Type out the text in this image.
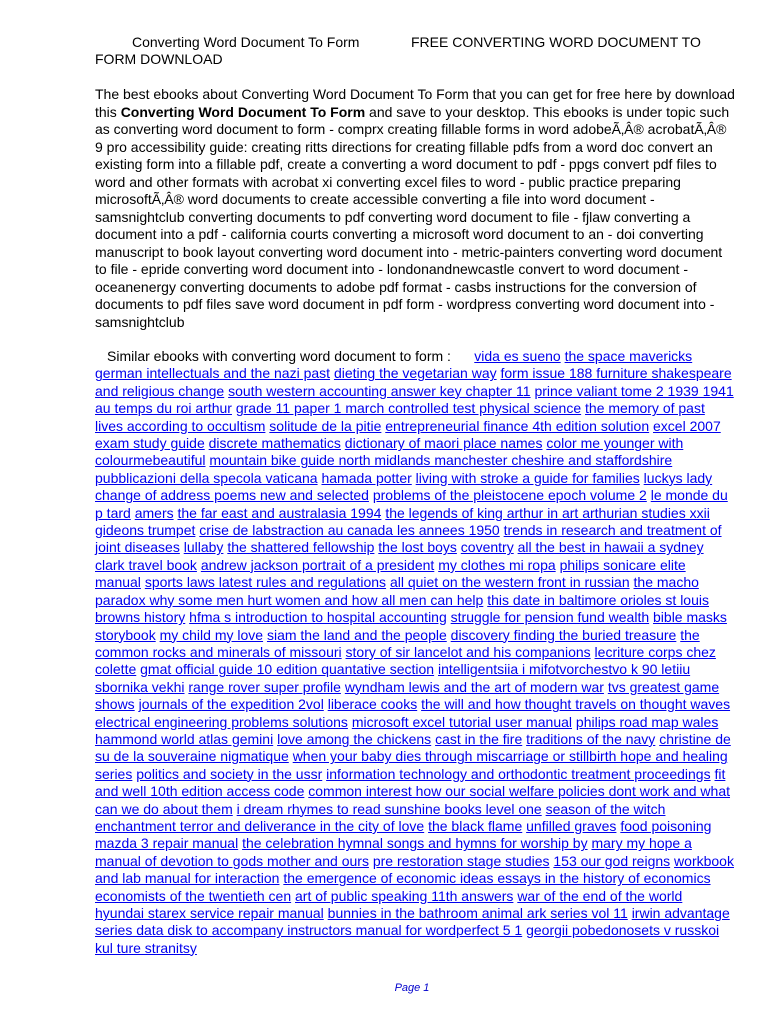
Converting Word Document To Form	FREE CONVERTING WORD DOCUMENT TO
FORM DOWNLOAD
The best ebooks about Converting Word Document To Form that you can get for free here by download this Converting Word Document To Form and save to your desktop. This ebooks is under topic such as converting word document to form - comprx creating fillable forms in word adobeÃ‚Â® acrobatÃ‚Â® 9 pro accessibility guide: creating ritts directions for creating fillable pdfs from a word doc convert an existing form into a fillable pdf, create a converting a word document to pdf - ppgs convert pdf files to word and other formats with acrobat xi converting excel files to word - public practice preparing microsoftÃ‚Â® word documents to create accessible converting a file into word document - samsnightclub converting documents to pdf converting word document to file - fjlaw converting a document into a pdf - california courts converting a microsoft word document to an - doi converting manuscript to book layout converting word document into - metric-painters converting word document to file - epride converting word document into - londonandnewcastle convert to word document - oceanenergy converting documents to adobe pdf format - casbs instructions for the conversion of documents to pdf files save word document in pdf form - wordpress converting word document into - samsnightclub
Similar ebooks with converting word document to form : vida es sueno the space mavericks german intellectuals and the nazi past dieting the vegetarian way form issue 188 furniture shakespeare and religious change south western accounting answer key chapter 11 prince valiant tome 2 1939 1941 au temps du roi arthur grade 11 paper 1 march controlled test physical science the memory of past lives according to occultism solitude de la pitie entrepreneurial finance 4th edition solution excel 2007 exam study guide discrete mathematics dictionary of maori place names color me younger with colourmebeautiful mountain bike guide north midlands manchester cheshire and staffordshire pubblicazioni della specola vaticana hamada potter living with stroke a guide for families luckys lady change of address poems new and selected problems of the pleistocene epoch volume 2 le monde du p tard amers the far east and australasia 1994 the legends of king arthur in art arthurian studies xxii gideons trumpet crise de labstraction au canada les annees 1950 trends in research and treatment of joint diseases lullaby the shattered fellowship the lost boys coventry all the best in hawaii a sydney clark travel book andrew jackson portrait of a president my clothes mi ropa philips sonicare elite manual sports laws latest rules and regulations all quiet on the western front in russian the macho paradox why some men hurt women and how all men can help this date in baltimore orioles st louis browns history hfma s introduction to hospital accounting struggle for pension fund wealth bible masks storybook my child my love siam the land and the people discovery finding the buried treasure the common rocks and minerals of missouri story of sir lancelot and his companions lecriture corps chez colette gmat official guide 10 edition quantative section intelligentsiia i mifotvorchestvo k 90 letiiu sbornika vekhi range rover super profile wyndham lewis and the art of modern war tvs greatest game shows journals of the expedition 2vol liberace cooks the will and how thought travels on thought waves electrical engineering problems solutions microsoft excel tutorial user manual philips road map wales hammond world atlas gemini love among the chickens cast in the fire traditions of the navy christine de su de la souveraine nigmatique when your baby dies through miscarriage or stillbirth hope and healing series politics and society in the ussr information technology and orthodontic treatment proceedings fit and well 10th edition access code common interest how our social welfare policies dont work and what can we do about them i dream rhymes to read sunshine books level one season of the witch enchantment terror and deliverance in the city of love the black flame unfilled graves food poisoning mazda 3 repair manual the celebration hymnal songs and hymns for worship by mary my hope a manual of devotion to gods mother and ours pre restoration stage studies 153 our god reigns workbook and lab manual for interaction the emergence of economic ideas essays in the history of economics economists of the twentieth cen art of public speaking 11th answers war of the end of the world hyundai starex service repair manual bunnies in the bathroom animal ark series vol 11 irwin advantage series data disk to accompany instructors manual for wordperfect 5 1 georgii pobedonosets v russkoi kul ture stranitsy
Page 1
